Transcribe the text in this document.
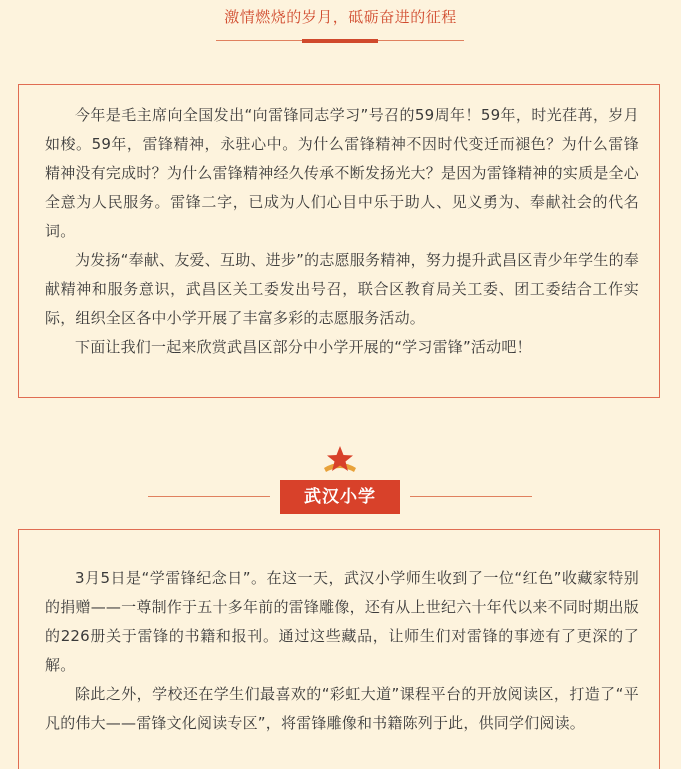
激情燃烧的岁月，砥砺奋进的征程

今年是毛主席向全国发出“向雷锋同志学习”号召的59周年！59年，时光荏苒，岁月如梭。59年，雷锋精神，永驻心中。为什么雷锋精神不因时代变迁而褪色？为什么雷锋精神没有完成时？为什么雷锋精神经久传承不断发扬光大？是因为雷锋精神的实质是全心全意为人民服务。雷锋二字，已成为人们心目中乐于助人、见义勇为、奉献社会的代名词。

为发扬“奉献、友爱、互助、进步”的志愿服务精神，努力提升武昌区青少年学生的奉献精神和服务意识，武昌区关工委发出号召，联合区教育局关工委、团工委结合工作实际，组织全区各中小学开展了丰富多彩的志愿服务活动。

下面让我们一起来欣赏武昌区部分中小学开展的“学习雷锋”活动吧！

武汉小学

3月5日是“学雷锋纪念日”。在这一天，武汉小学师生收到了一位“红色”收藏家特别的捐赠——一尊制作于五十多年前的雷锋雕像，还有从上世纪六十年代以来不同时期出版的226册关于雷锋的书籍和报刊。通过这些藏品，让师生们对雷锋的事迹有了更深的了解。

除此之外，学校还在学生们最喜欢的“彩虹大道”课程平台的开放阅读区，打造了“平凡的伟大——雷锋文化阅读专区”，将雷锋雕像和书籍陈列于此，供同学们阅读。
